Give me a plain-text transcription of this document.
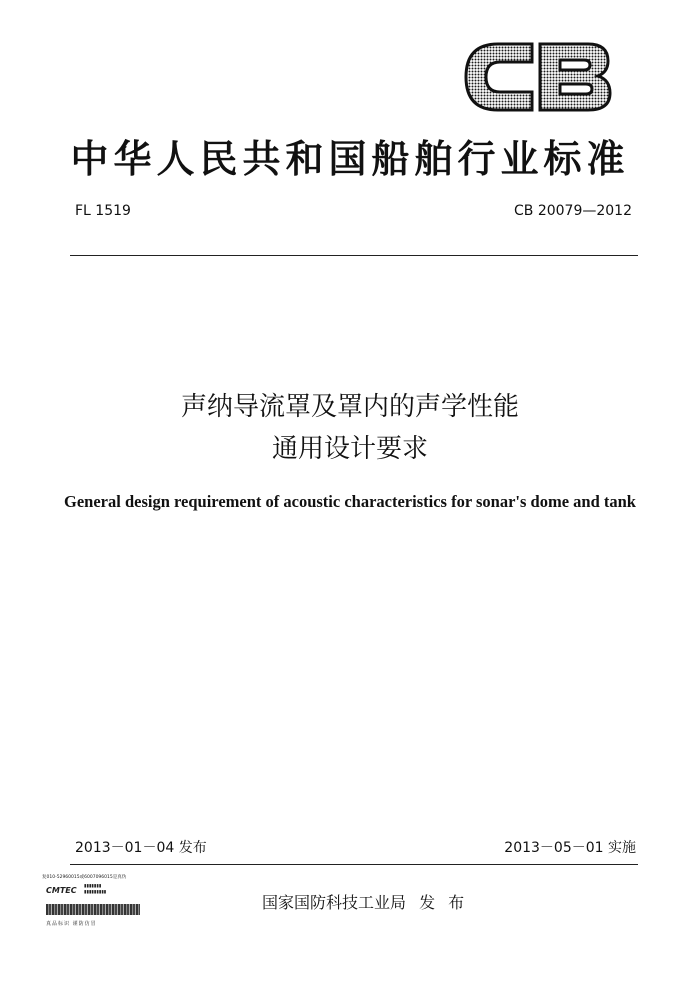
中华人民共和国船舶行业标准
FL 1519	CB 20079—2012
声纳导流罩及罩内的声学性能
通用设计要求
General design requirement of acoustic characteristics for sonar's dome and tank
2013－01－04 发布	2013－05－01 实施
复010-52960015或6007096015是真伪
CMTEC ▮▮▮▮▮▮▮
▮▮▮▮▮▮▮▮▮
真品标识 谨防仿冒
国家国防科技工业局 发 布
